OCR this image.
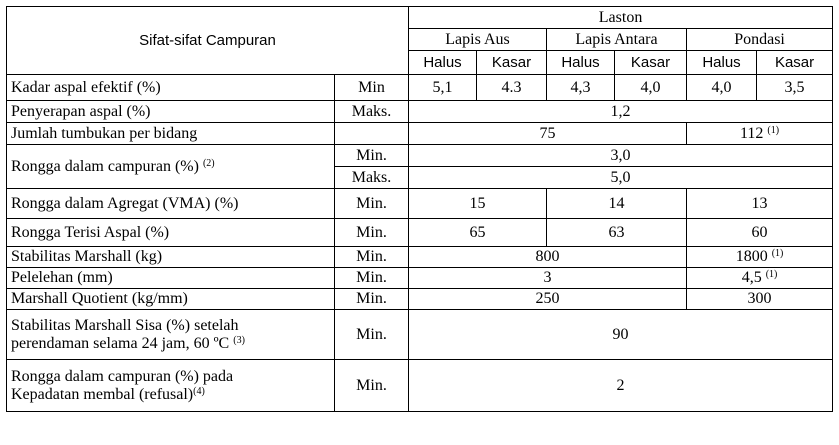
Sifat-sifat Campuran		Laston					
		Lapis Aus		Lapis Antara		Pondasi	
		Halus	Kasar	Halus	Kasar	Halus	Kasar
Kadar aspal efektif (%)	Min	5,1	4.3	4,3	4,0	4,0	3,5
Penyerapan aspal (%)	Maks.	1,2					
Jumlah tumbukan per bidang		75				112 $^{(1)}$
Rongga dalam campuran (%) $^{(2)}$	Min.	3,0					
	Maks.	5,0					
Rongga dalam Agregat (VMA) (%)	Min.	15		14		13	
Rongga Terisi Aspal (%)	Min.	65		63		60	
Stabilitas Marshall (kg)	Min.	800				1800 $^{(1)}$
Pelelehan (mm)	Min.	3				4,5 $^{(1)}$
Marshall Quotient (kg/mm)	Min.	250				300	
Stabilitas Marshall Sisa (%) setelah
perendaman selama 24 jam, 60 ºC $^{(3)}$	Min.	90					
Rongga dalam campuran (%) pada
Kepadatan membal (refusal)$^{(4)}$	Min.	2					
